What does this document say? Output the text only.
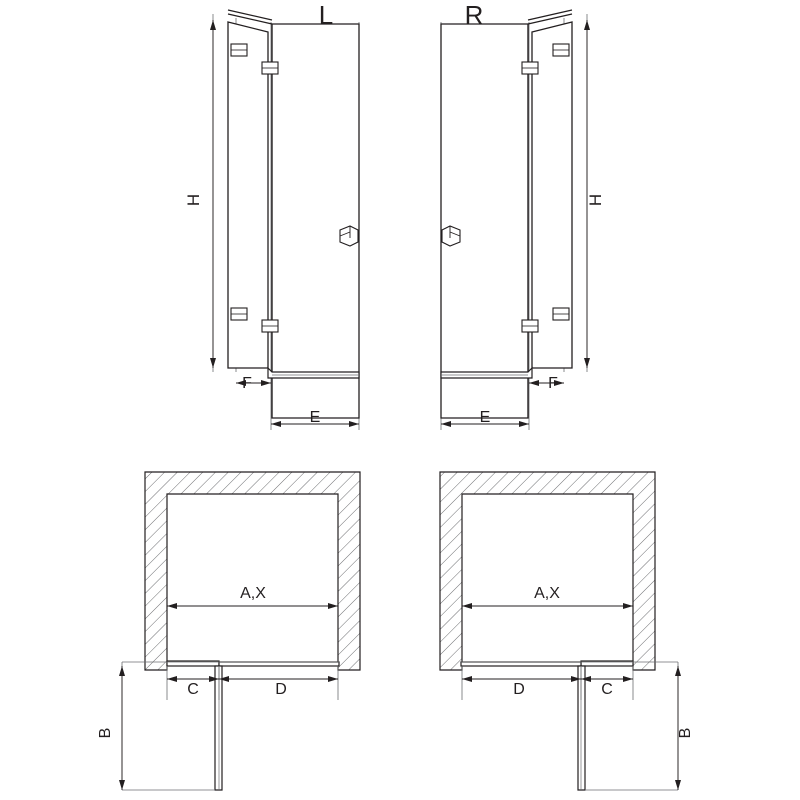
H
F
E
L
H
F
E
R
A,X
C	D
B
A,X
D	C
B
